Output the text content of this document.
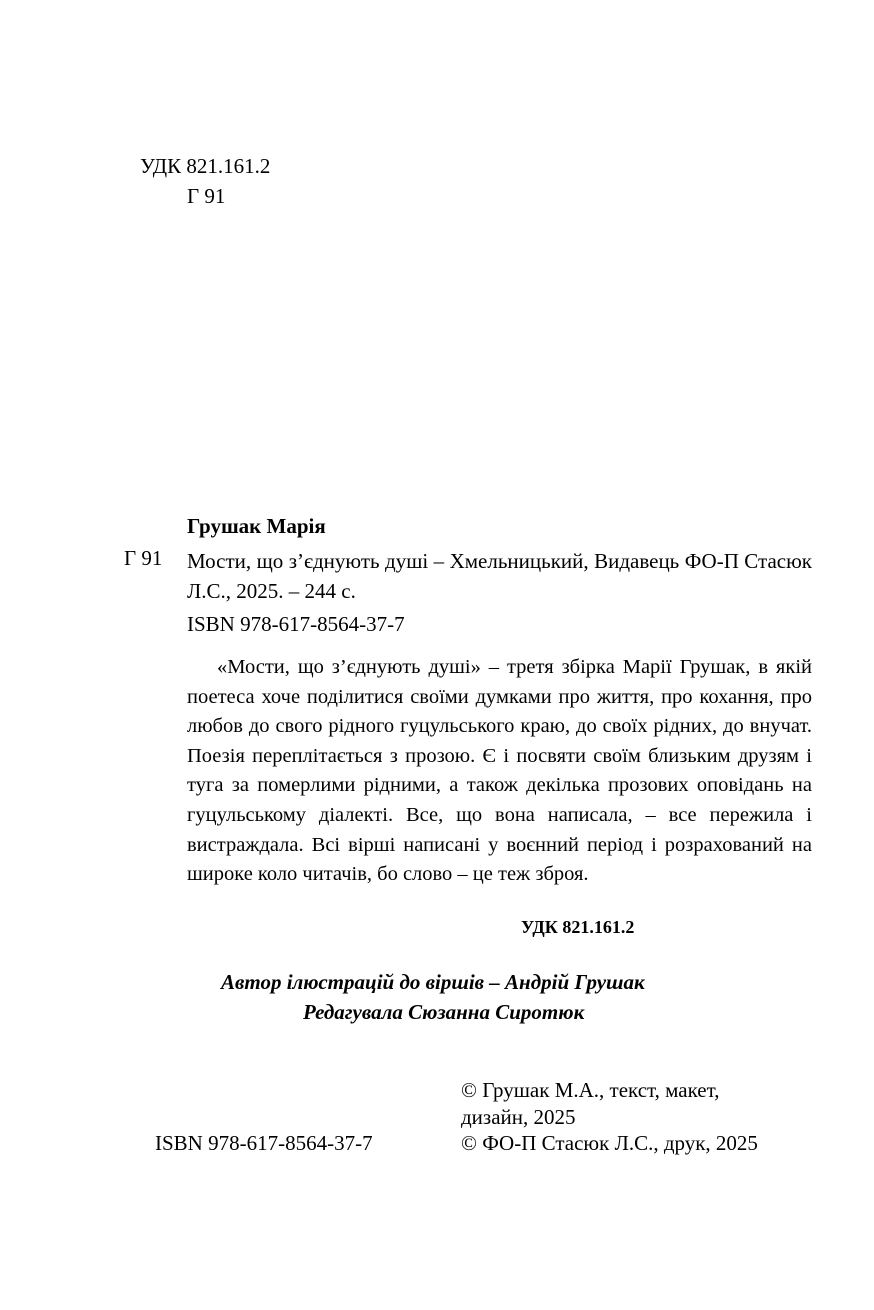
УДК 821.161.2
Г 91
Грушак Марія
Г 91 Мости, що з’єднують душі – Хмельницький, Видавець ФО-П Стасюк Л.С., 2025. – 244 с.
ISBN 978-617-8564-37-7
«Мости, що з’єднують душі» – третя збірка Марії Грушак, в якій поетеса хоче поділитися своїми думками про життя, про кохання, про любов до свого рідного гуцульського краю, до своїх рідних, до внучат. Поезія переплітається з прозою. Є і посвяти своїм близьким друзям і туга за померлими рідними, а також декілька прозових оповідань на гуцульському діалекті. Все, що вона написала, – все пережила і вистраждала. Всі вірші написані у воєнний період і розрахований на широке коло читачів, бо слово – це теж зброя.
УДК 821.161.2
Автор ілюстрацій до віршів – Андрій Грушак
Редагувала Сюзанна Сиротюк
© Грушак М.А., текст, макет,
дизайн, 2025
© ФО-П Стасюк Л.С., друк, 2025
ISBN 978-617-8564-37-7
